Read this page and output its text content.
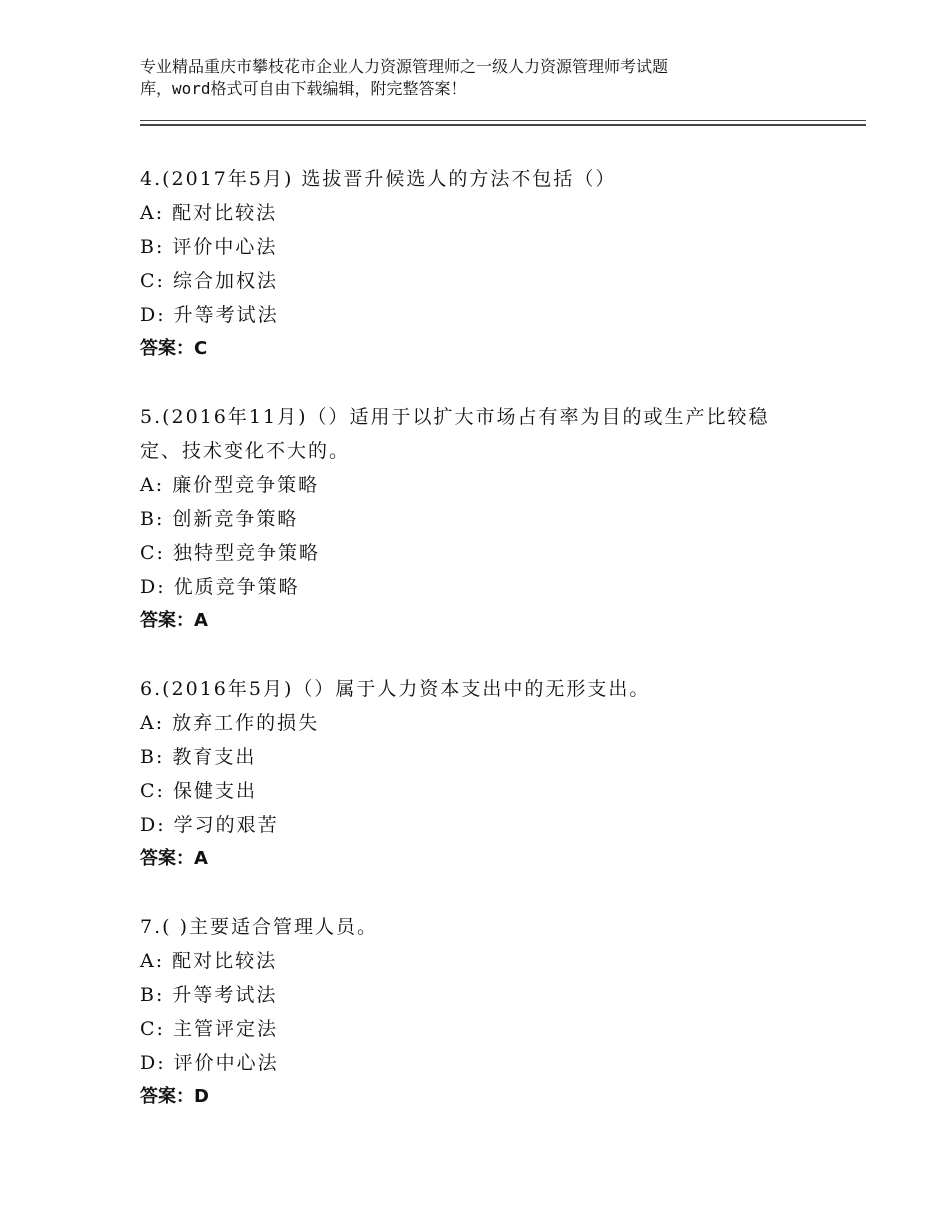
专业精品重庆市攀枝花市企业人力资源管理师之一级人力资源管理师考试题
库，word格式可自由下载编辑，附完整答案！
4.(2017年5月) 选拔晋升候选人的方法不包括（）
A: 配对比较法
B: 评价中心法
C: 综合加权法
D: 升等考试法
答案：C
5.(2016年11月)（）适用于以扩大市场占有率为目的或生产比较稳
定、技术变化不大的。
A: 廉价型竞争策略
B: 创新竞争策略
C: 独特型竞争策略
D: 优质竞争策略
答案：A
6.(2016年5月)（）属于人力资本支出中的无形支出。
A: 放弃工作的损失
B: 教育支出
C: 保健支出
D: 学习的艰苦
答案：A
7.( )主要适合管理人员。
A: 配对比较法
B: 升等考试法
C: 主管评定法
D: 评价中心法
答案：D
